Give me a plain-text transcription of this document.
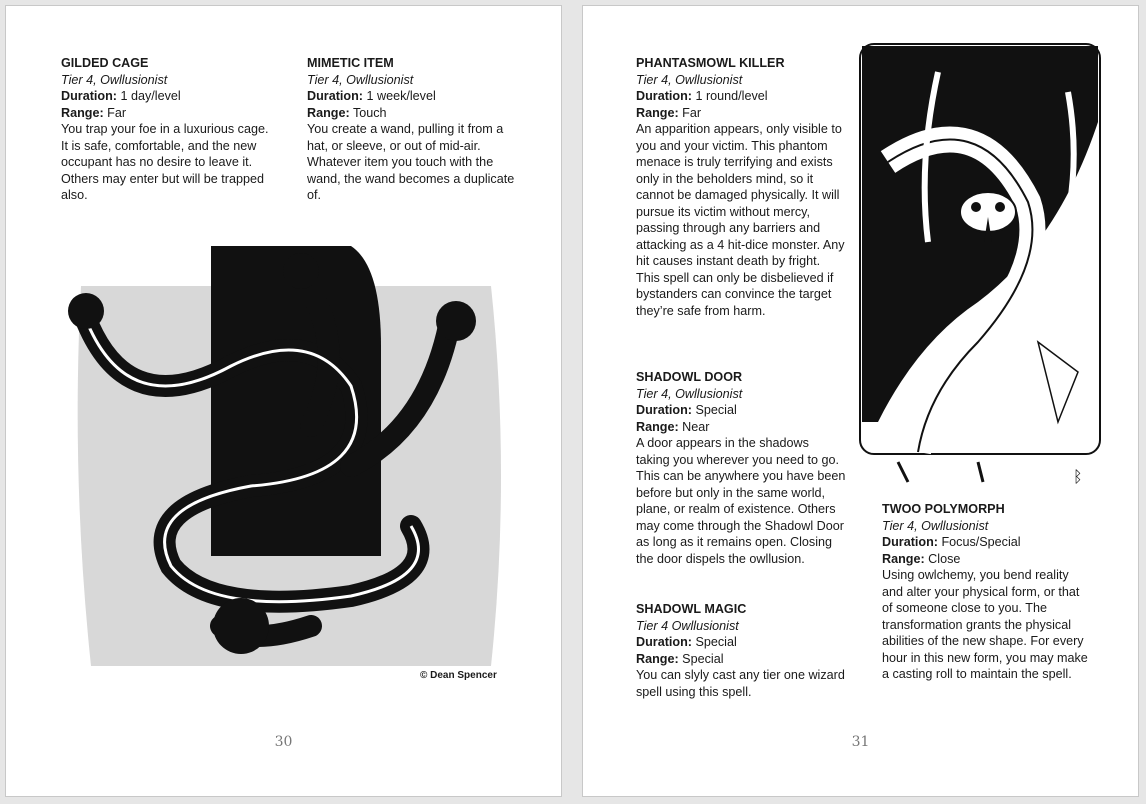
GILDED CAGE
Tier 4, Owllusionist
Duration: 1 day/level
Range: Far

You trap your foe in a luxurious cage. It is safe, comfortable, and the new occupant has no desire to leave it. Others may enter but will be trapped also.

MIMETIC ITEM
Tier 4, Owllusionist
Duration: 1 week/level
Range: Touch

You create a wand, pulling it from a hat, or sleeve, or out of mid-air. Whatever item you touch with the wand, the wand becomes a duplicate of.

© Dean Spencer
30
PHANTASMOWL KILLER
Tier 4, Owllusionist
Duration: 1 round/level
Range: Far

An apparition appears, only visible to you and your victim. This phantom menace is truly terrifying and exists only in the beholders mind, so it cannot be damaged physically. It will pursue its victim without mercy, passing through any barriers and attacking as a 4 hit-dice monster. Any hit causes instant death by fright. This spell can only be disbelieved if bystanders can convince the target they’re safe from harm.

SHADOWL DOOR
Tier 4, Owllusionist
Duration: Special
Range: Near

A door appears in the shadows taking you wherever you need to go. This can be anywhere you have been before but only in the same world, plane, or realm of existence. Others may come through the Shadowl Door as long as it remains open. Closing the door dispels the owllusion.

SHADOWL MAGIC
Tier 4 Owllusionist
Duration: Special
Range: Special

You can slyly cast any tier one wizard spell using this spell.

TWOO POLYMORPH
Tier 4, Owllusionist
Duration: Focus/Special
Range: Close

Using owlchemy, you bend reality and alter your physical form, or that of someone close to you. The transformation grants the physical abilities of the new shape. For every hour in this new form, you may make a casting roll to maintain the spell.

ᛒ
31
